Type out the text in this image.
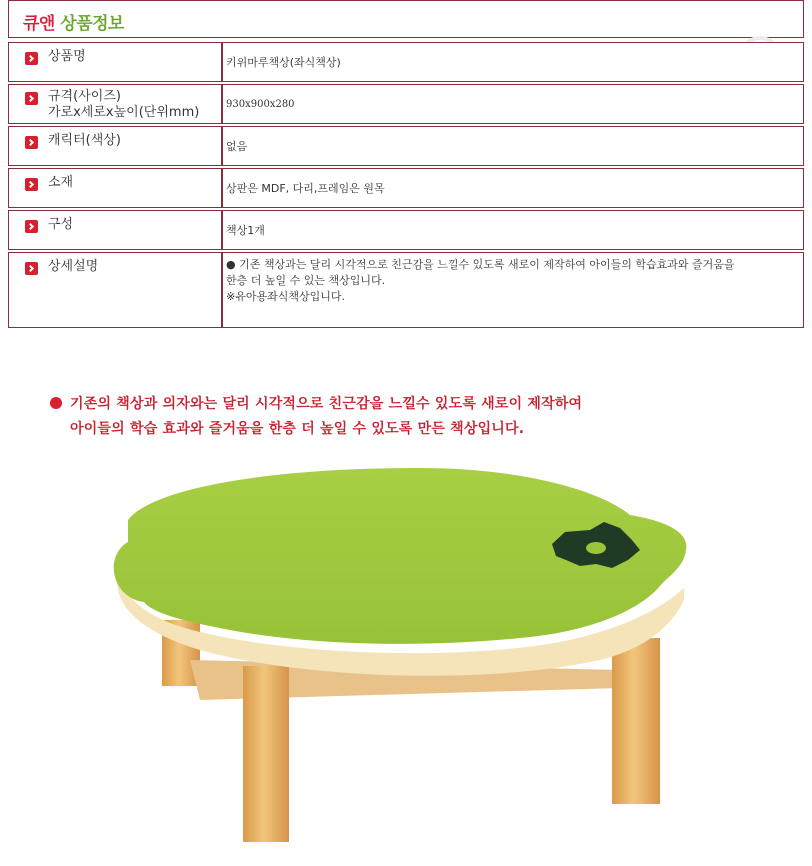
큐앤 상품정보
상품명	키위마루책상(좌식책상)

규격(사이즈)
가로x세로x높이(단위mm)	930x900x280

캐릭터(색상)	없음

소재	상판은 MDF, 다리,프레임은 원목

구성	책상1개

상세설명	● 기존 책상과는 달리 시각적으로 친근감을 느낄수 있도록 새로이 제작하여 아이들의 학습효과와 즐거움을
한층 더 높일 수 있는 책상입니다.
※유아용좌식책상입니다.
기존의 책상과 의자와는 달리 시각적으로 친근감을 느낄수 있도록 새로이 제작하여
아이들의 학습 효과와 즐거움을 한층 더 높일 수 있도록 만든 책상입니다.
